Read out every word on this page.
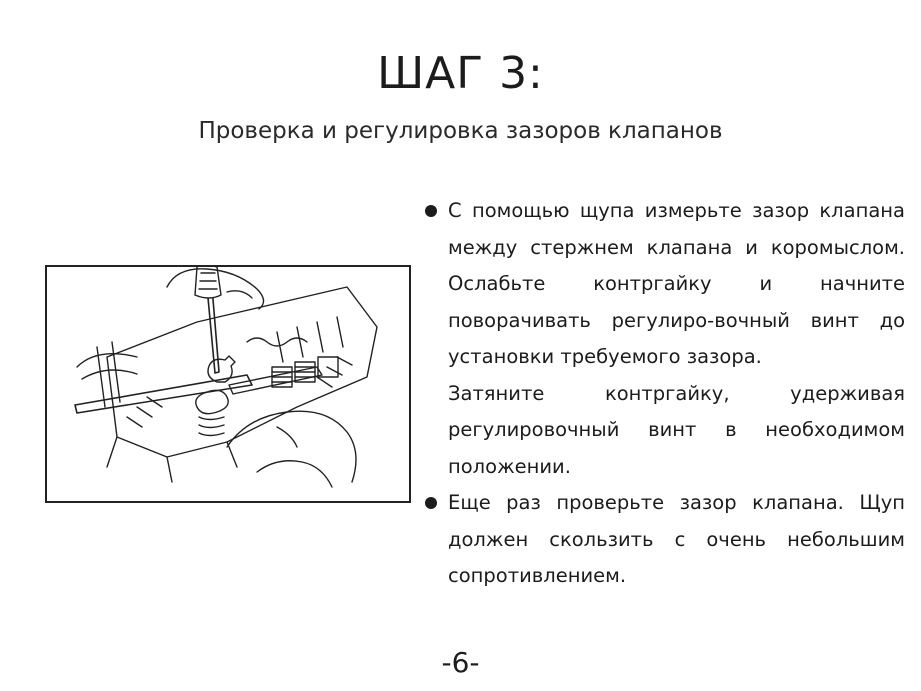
ШАГ 3:
Проверка и регулировка зазоров клапанов

С помощью щупа измерьте зазор клапана между стержнем клапана и коромыслом. Ослабьте контргайку и начните поворачивать регулиро-вочный винт до установки требуемого зазора.

Затяните контргайку, удерживая регулировочный винт в необходимом положении.

Еще раз проверьте зазор клапана. Щуп должен скользить с очень небольшим сопротивлением.

-6-
